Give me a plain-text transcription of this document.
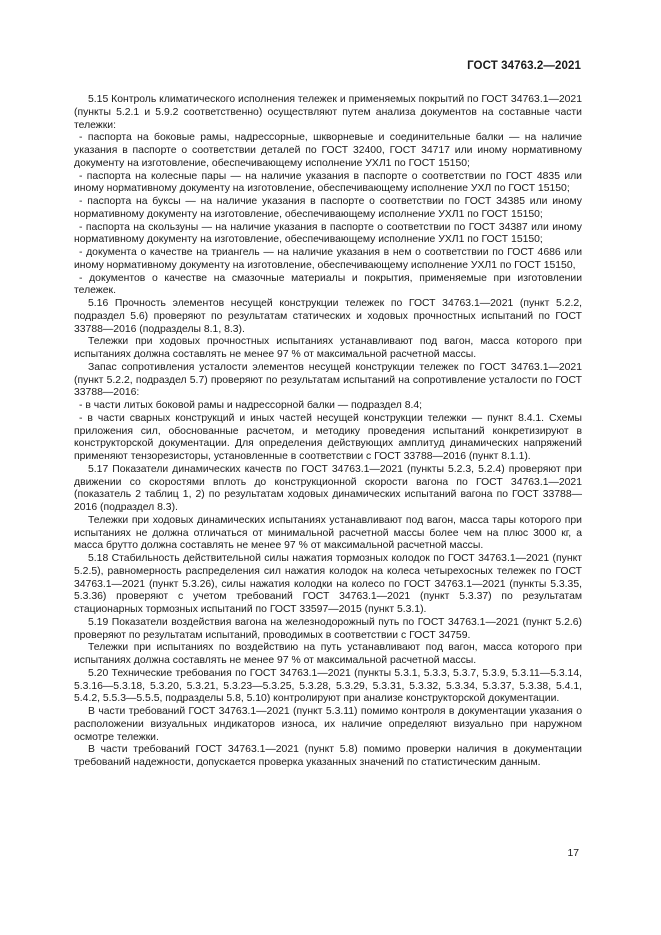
ГОСТ 34763.2—2021

5.15 Контроль климатического исполнения тележек и применяемых покрытий по ГОСТ 34763.1—2021 (пункты 5.2.1 и 5.9.2 соответственно) осуществляют путем анализа документов на составные части тележки:

- паспорта на боковые рамы, надрессорные, шкворневые и соединительные балки — на наличие указания в паспорте о соответствии деталей по ГОСТ 32400, ГОСТ 34717 или иному нормативному документу на изготовление, обеспечивающему исполнение УХЛ1 по ГОСТ 15150;

- паспорта на колесные пары — на наличие указания в паспорте о соответствии по ГОСТ 4835 или иному нормативному документу на изготовление, обеспечивающему исполнение УХЛ по ГОСТ 15150;

- паспорта на буксы — на наличие указания в паспорте о соответствии по ГОСТ 34385 или иному нормативному документу на изготовление, обеспечивающему исполнение УХЛ1 по ГОСТ 15150;

- паспорта на скользуны — на наличие указания в паспорте о соответствии по ГОСТ 34387 или иному нормативному документу на изготовление, обеспечивающему исполнение УХЛ1 по ГОСТ 15150;

- документа о качестве на триангель — на наличие указания в нем о соответствии по ГОСТ 4686 или иному нормативному документу на изготовление, обеспечивающему исполнение УХЛ1 по ГОСТ 15150,

- документов о качестве на смазочные материалы и покрытия, применяемые при изготовлении тележек.

5.16 Прочность элементов несущей конструкции тележек по ГОСТ 34763.1—2021 (пункт 5.2.2, подраздел 5.6) проверяют по результатам статических и ходовых прочностных испытаний по ГОСТ 33788—2016 (подразделы 8.1, 8.3).

Тележки при ходовых прочностных испытаниях устанавливают под вагон, масса которого при испытаниях должна составлять не менее 97 % от максимальной расчетной массы.

Запас сопротивления усталости элементов несущей конструкции тележек по ГОСТ 34763.1—2021 (пункт 5.2.2, подраздел 5.7) проверяют по результатам испытаний на сопротивление усталости по ГОСТ 33788—2016:

- в части литых боковой рамы и надрессорной балки — подраздел 8.4;

- в части сварных конструкций и иных частей несущей конструкции тележки — пункт 8.4.1. Схемы приложения сил, обоснованные расчетом, и методику проведения испытаний конкретизируют в конструкторской документации. Для определения действующих амплитуд динамических напряжений применяют тензорезисторы, установленные в соответствии с ГОСТ 33788—2016 (пункт 8.1.1).

5.17 Показатели динамических качеств по ГОСТ 34763.1—2021 (пункты 5.2.3, 5.2.4) проверяют при движении со скоростями вплоть до конструкционной скорости вагона по ГОСТ 34763.1—2021 (показатель 2 таблиц 1, 2) по результатам ходовых динамических испытаний вагона по ГОСТ 33788—2016 (подраздел 8.3).

Тележки при ходовых динамических испытаниях устанавливают под вагон, масса тары которого при испытаниях не должна отличаться от минимальной расчетной массы более чем на плюс 3000 кг, а масса брутто должна составлять не менее 97 % от максимальной расчетной массы.

5.18 Стабильность действительной силы нажатия тормозных колодок по ГОСТ 34763.1—2021 (пункт 5.2.5), равномерность распределения сил нажатия колодок на колеса четырехосных тележек по ГОСТ 34763.1—2021 (пункт 5.3.26), силы нажатия колодки на колесо по ГОСТ 34763.1—2021 (пункты 5.3.35, 5.3.36) проверяют с учетом требований ГОСТ 34763.1—2021 (пункт 5.3.37) по результатам стационарных тормозных испытаний по ГОСТ 33597—2015 (пункт 5.3.1).

5.19 Показатели воздействия вагона на железнодорожный путь по ГОСТ 34763.1—2021 (пункт 5.2.6) проверяют по результатам испытаний, проводимых в соответствии с ГОСТ 34759.

Тележки при испытаниях по воздействию на путь устанавливают под вагон, масса которого при испытаниях должна составлять не менее 97 % от максимальной расчетной массы.

5.20 Технические требования по ГОСТ 34763.1—2021 (пункты 5.3.1, 5.3.3, 5.3.7, 5.3.9, 5.3.11—5.3.14, 5.3.16—5.3.18, 5.3.20, 5.3.21, 5.3.23—5.3.25, 5.3.28, 5.3.29, 5.3.31, 5.3.32, 5.3.34, 5.3.37, 5.3.38, 5.4.1, 5.4.2, 5.5.3—5.5.5, подразделы 5.8, 5.10) контролируют при анализе конструкторской документации.

В части требований ГОСТ 34763.1—2021 (пункт 5.3.11) помимо контроля в документации указания о расположении визуальных индикаторов износа, их наличие определяют визуально при наружном осмотре тележки.

В части требований ГОСТ 34763.1—2021 (пункт 5.8) помимо проверки наличия в документации требований надежности, допускается проверка указанных значений по статистическим данным.

17
